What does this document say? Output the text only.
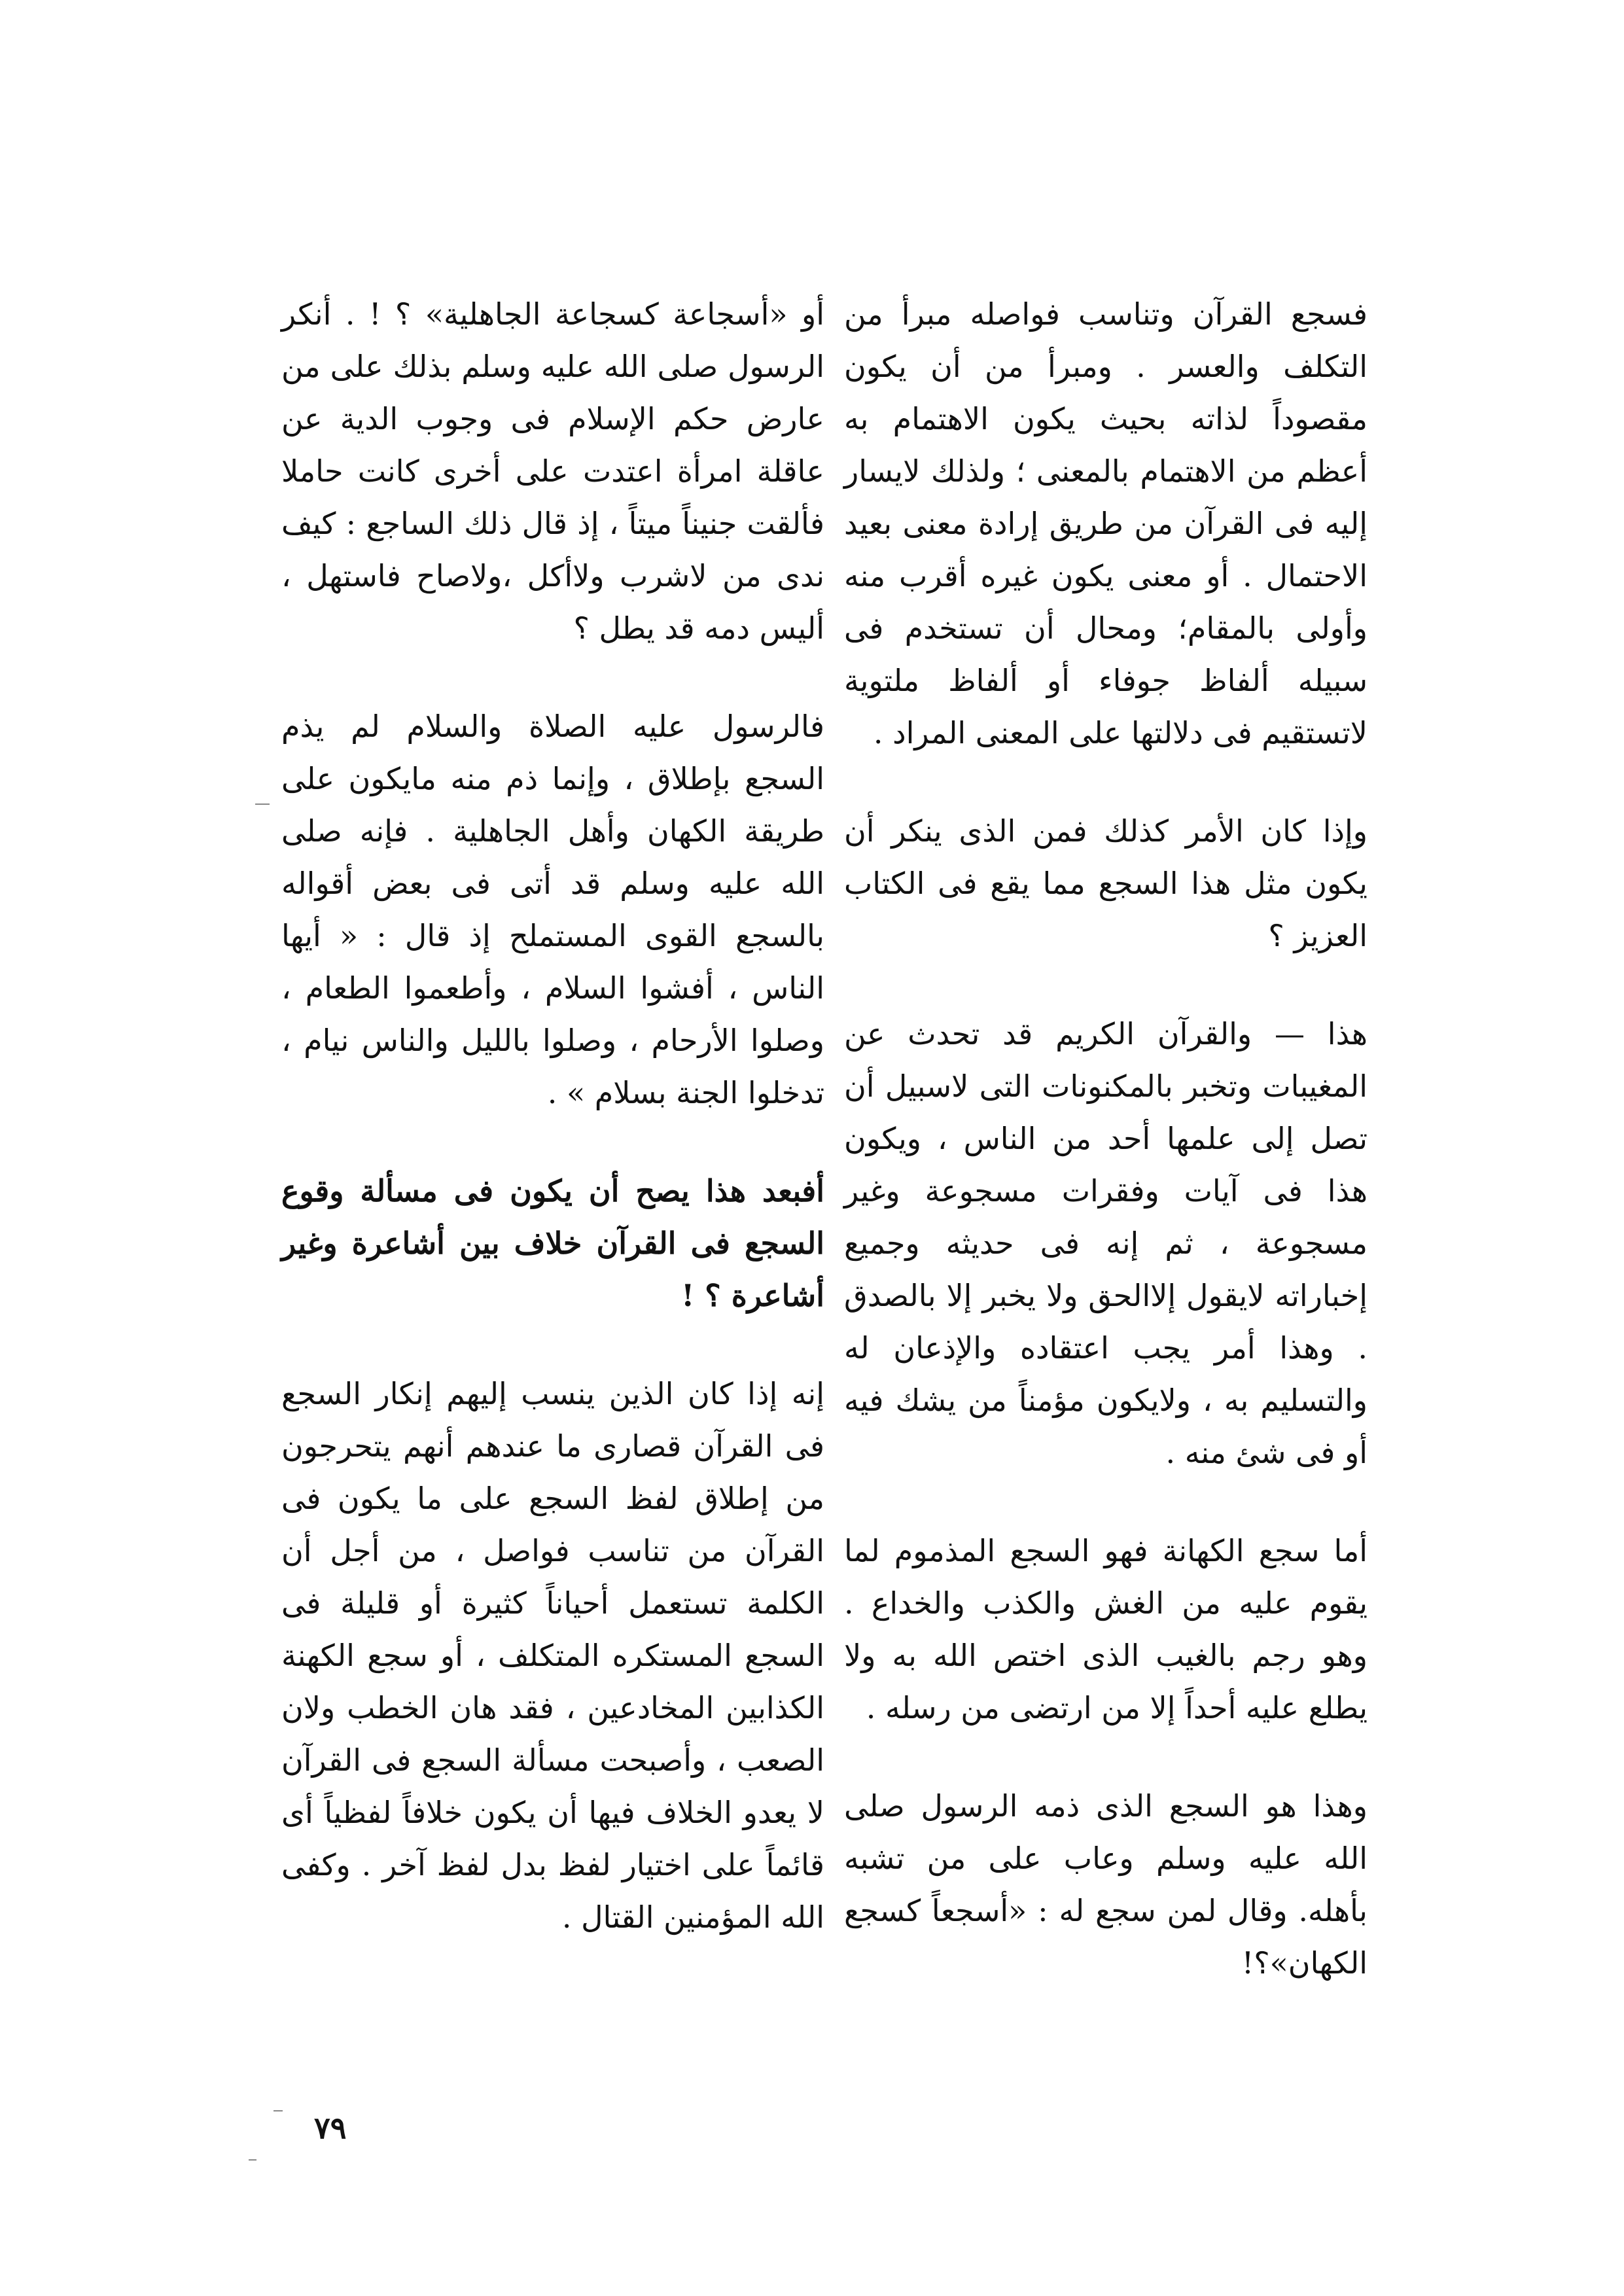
فسجع القرآن وتناسب فواصله مبرأ من التكلف والعسر . ومبرأ من أن يكون مقصوداً لذاته بحيث يكون الاهتمام به أعظم من الاهتمام بالمعنى ؛ ولذلك لايسار إليه فى القرآن من طريق إرادة معنى بعيد الاحتمال . أو معنى يكون غيره أقرب منه وأولى بالمقام؛ ومحال أن تستخدم فى سبيله ألفاظ جوفاء أو ألفاظ ملتوية لاتستقيم فى دلالتها على المعنى المراد .

وإذا كان الأمر كذلك فمن الذى ينكر أن يكون مثل هذا السجع مما يقع فى الكتاب العزيز ؟

هذا — والقرآن الكريم قد تحدث عن المغيبات وتخبر بالمكنونات التى لاسبيل أن تصل إلى علمها أحد من الناس ، ويكون هذا فى آيات وفقرات مسجوعة وغير مسجوعة ، ثم إنه فى حديثه وجميع إخباراته لايقول إلاالحق ولا يخبر إلا بالصدق . وهذا أمر يجب اعتقاده والإذعان له والتسليم به ، ولايكون مؤمناً من يشك فيه أو فى شئ منه .

أما سجع الكهانة فهو السجع المذموم لما يقوم عليه من الغش والكذب والخداع . وهو رجم بالغيب الذى اختص الله به ولا يطلع عليه أحداً إلا من ارتضى من رسله .

وهذا هو السجع الذى ذمه الرسول صلى الله عليه وسلم وعاب على من تشبه بأهله. وقال لمن سجع له : «أسجعاً كسجع الكهان»؟!

أو «أسجاعة كسجاعة الجاهلية» ؟ ! . أنكر الرسول صلى الله عليه وسلم بذلك على من عارض حكم الإسلام فى وجوب الدية عن عاقلة امرأة اعتدت على أخرى كانت حاملا فألقت جنيناً ميتاً ، إذ قال ذلك الساجع : كيف ندى من لاشرب ولاأكل ،ولاصاح فاستهل ، أليس دمه قد يطل ؟

فالرسول عليه الصلاة والسلام لم يذم السجع بإطلاق ، وإنما ذم منه مايكون على طريقة الكهان وأهل الجاهلية . فإنه صلى الله عليه وسلم قد أتى فى بعض أقواله بالسجع القوى المستملح إذ قال : « أيها الناس ، أفشوا السلام ، وأطعموا الطعام ، وصلوا الأرحام ، وصلوا بالليل والناس نيام ، تدخلوا الجنة بسلام » .

أفبعد هذا يصح أن يكون فى مسألة وقوع السجع فى القرآن خلاف بين أشاعرة وغير أشاعرة ؟ !

إنه إذا كان الذين ينسب إليهم إنكار السجع فى القرآن قصارى ما عندهم أنهم يتحرجون من إطلاق لفظ السجع على ما يكون فى القرآن من تناسب فواصل ، من أجل أن الكلمة تستعمل أحياناً كثيرة أو قليلة فى السجع المستكره المتكلف ، أو سجع الكهنة الكذابين المخادعين ، فقد هان الخطب ولان الصعب ، وأصبحت مسألة السجع فى القرآن لا يعدو الخلاف فيها أن يكون خلافاً لفظياً أى قائماً على اختيار لفظ بدل لفظ آخر . وكفى الله المؤمنين القتال .

٧٩
